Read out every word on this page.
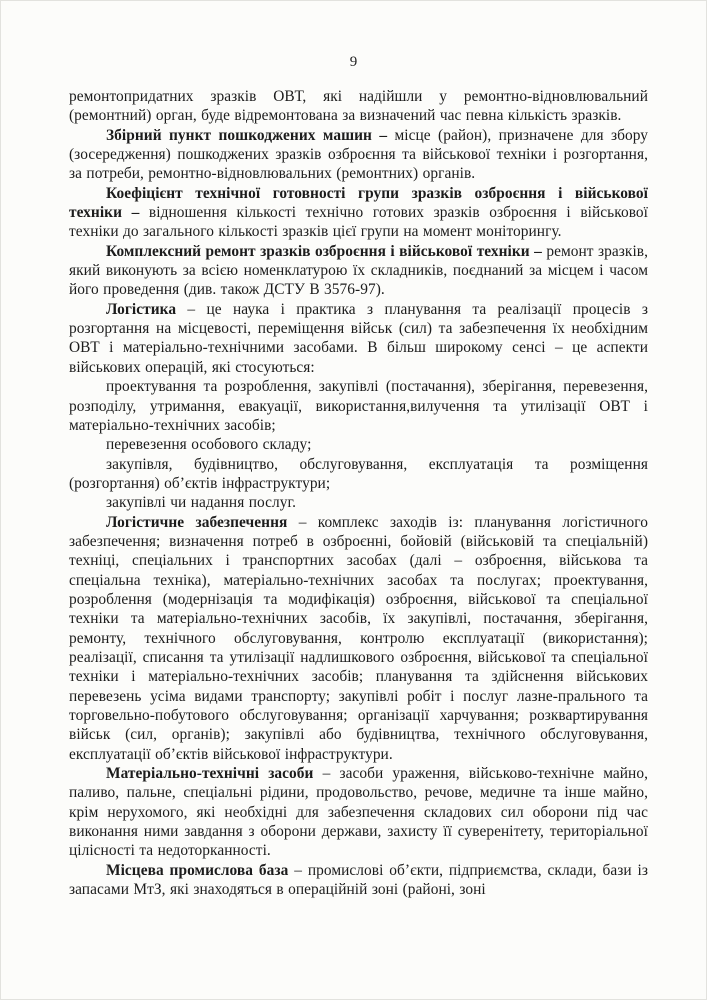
9

ремонтопридатних зразків ОВТ, які надійшли у ремонтно-відновлювальний (ремонтний) орган, буде відремонтована за визначений час певна кількість зразків.

Збірний пункт пошкоджених машин – місце (район), призначене для збору (зосередження) пошкоджених зразків озброєння та військової техніки і розгортання, за потреби, ремонтно-відновлювальних (ремонтних) органів.

Коефіцієнт технічної готовності групи зразків озброєння і військової техніки – відношення кількості технічно готових зразків озброєння і військової техніки до загального кількості зразків цієї групи на момент моніторингу.

Комплексний ремонт зразків озброєння і військової техніки – ремонт зразків, який виконують за всією номенклатурою їх складників, поєднаний за місцем і часом його проведення (див. також ДСТУ В 3576-97).

Логістика – це наука і практика з планування та реалізації процесів з розгортання на місцевості, переміщення військ (сил) та забезпечення їх необхідним ОВТ і матеріально-технічними засобами. В більш широкому сенсі – це аспекти військових операцій, які стосуються:

проектування та розроблення, закупівлі (постачання), зберігання, перевезення, розподілу, утримання, евакуації, використання,вилучення та утилізації ОВТ і матеріально-технічних засобів;

перевезення особового складу;

закупівля, будівництво, обслуговування, експлуатація та розміщення (розгортання) об’єктів інфраструктури;

закупівлі чи надання послуг.

Логістичне забезпечення – комплекс заходів із: планування логістичного забезпечення; визначення потреб в озброєнні, бойовій (військовій та спеціальній) техніці, спеціальних і транспортних засобах (далі – озброєння, військова та спеціальна техніка), матеріально-технічних засобах та послугах; проектування, розроблення (модернізація та модифікація) озброєння, військової та спеціальної техніки та матеріально-технічних засобів, їх закупівлі, постачання, зберігання, ремонту, технічного обслуговування, контролю експлуатації (використання); реалізації, списання та утилізації надлишкового озброєння, військової та спеціальної техніки і матеріально-технічних засобів; планування та здійснення військових перевезень усіма видами транспорту; закупівлі робіт і послуг лазне-прального та торговельно-побутового обслуговування; організації харчування; розквартирування військ (сил, органів); закупівлі або будівництва, технічного обслуговування, експлуатації об’єктів військової інфраструктури.

Матеріально-технічні засоби – засоби ураження, військово-технічне майно, паливо, пальне, спеціальні рідини, продовольство, речове, медичне та інше майно, крім нерухомого, які необхідні для забезпечення складових сил оборони під час виконання ними завдання з оборони держави, захисту її суверенітету, територіальної цілісності та недоторканності.

Місцева промислова база – промислові об’єкти, підприємства, склади, бази із запасами МтЗ, які знаходяться в операційній зоні (районі, зоні
